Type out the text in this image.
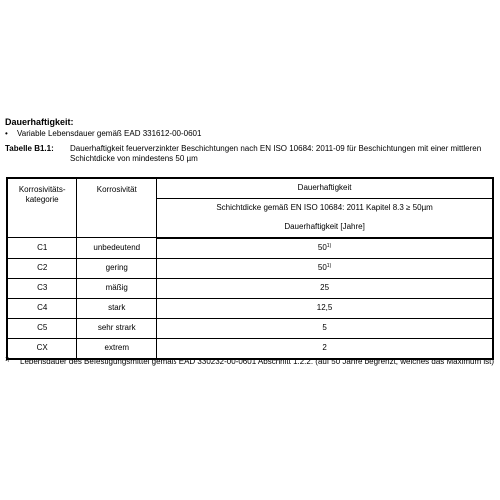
Dauerhaftigkeit:
• Variable Lebensdauer gemäß EAD 331612-00-0601
Tabelle B1.1: Dauerhaftigkeit feuerverzinkter Beschichtungen nach EN ISO 10684: 2011-09 für Beschichtungen mit einer mittleren Schichtdicke von mindestens 50 µm
Korrosivitäts-kategorie	Korrosivität	Dauerhaftigkeit
		Schichtdicke gemäß EN ISO 10684: 2011 Kapitel 8.3 ≥ 50µm
		Dauerhaftigkeit [Jahre]
C1	unbedeutend	50$^{1)}$
C2	gering	50$^{1)}$
C3	mäßig	25
C4	stark	12,5
C5	sehr strark	5
CX	extrem	2
1) Lebensdauer des Befestigungsmittel gemäß EAD 330232-00-0601 Abschnitt 1.2.2. (auf 50 Jahre begrenzt, welches das Maximum ist)
